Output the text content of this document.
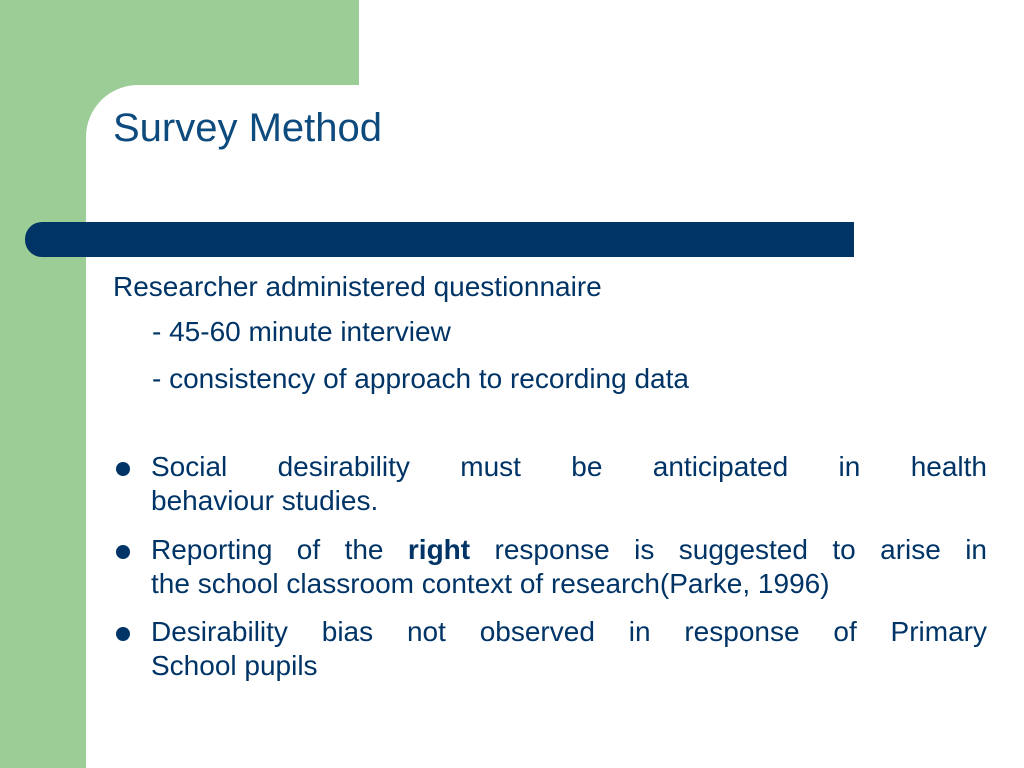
Survey Method
Researcher administered questionnaire
- 45-60 minute interview
- consistency of approach to recording data
Social desirability must be anticipated in health
behaviour studies.
Reporting of the right response is suggested to arise in
the school classroom context of research(Parke, 1996)
Desirability bias not observed in response of Primary
School pupils
